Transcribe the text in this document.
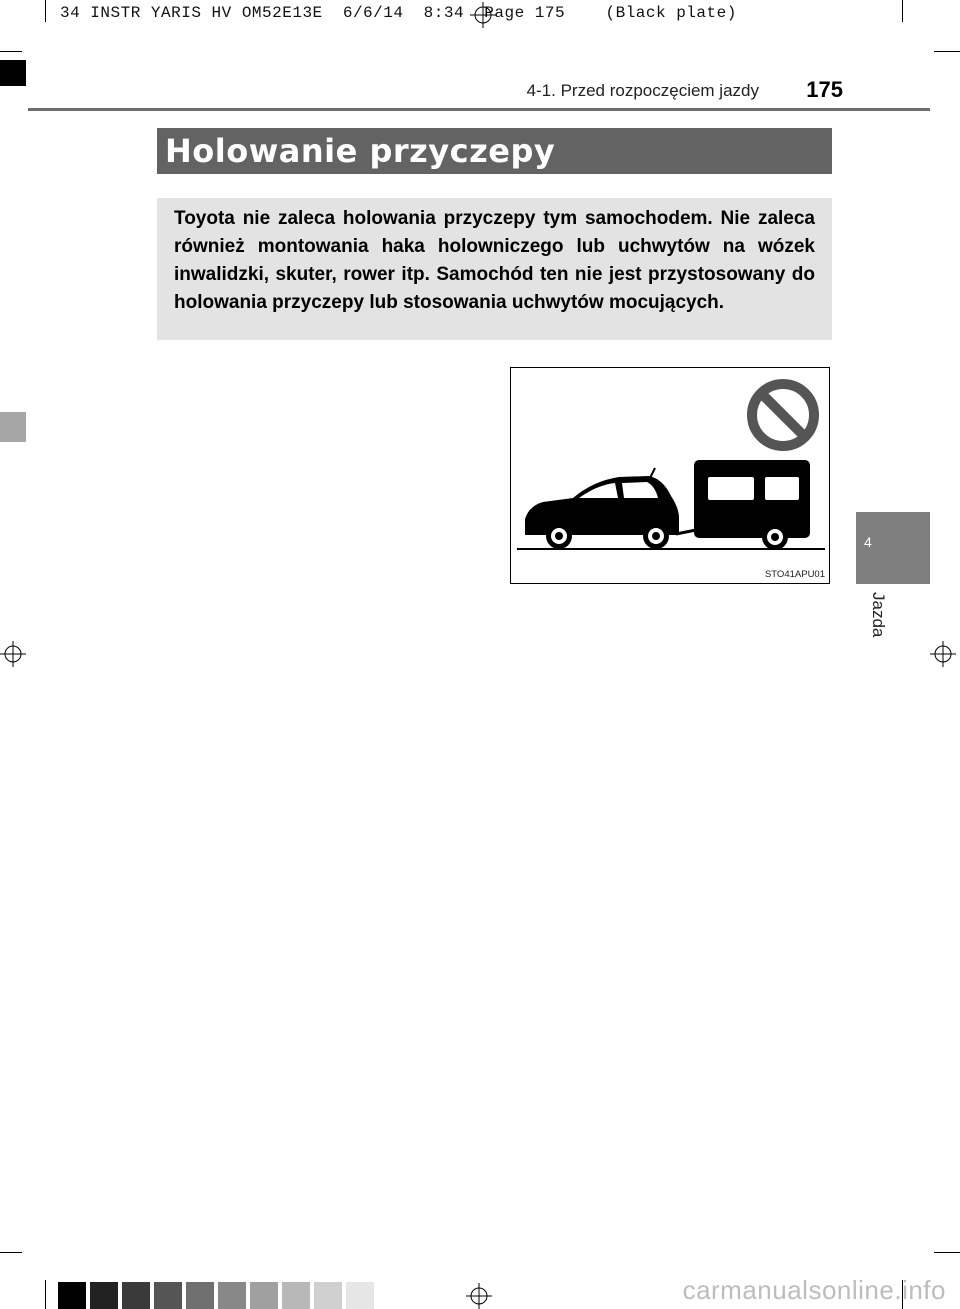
34 INSTR YARIS HV OM52E13E  6/6/14  8:34  Page 175    (Black plate)
4-1. Przed rozpoczęciem jazdy 175
Holowanie przyczepy

Toyota nie zaleca holowania przyczepy tym samochodem. Nie zaleca również montowania haka holowniczego lub uchwytów na wózek inwalidzki, skuter, rower itp. Samochód ten nie jest przystosowany do holowania przyczepy lub stosowania uchwytów mocujących.

STO41APU01
4
Jazda
carmanualsonline.info
